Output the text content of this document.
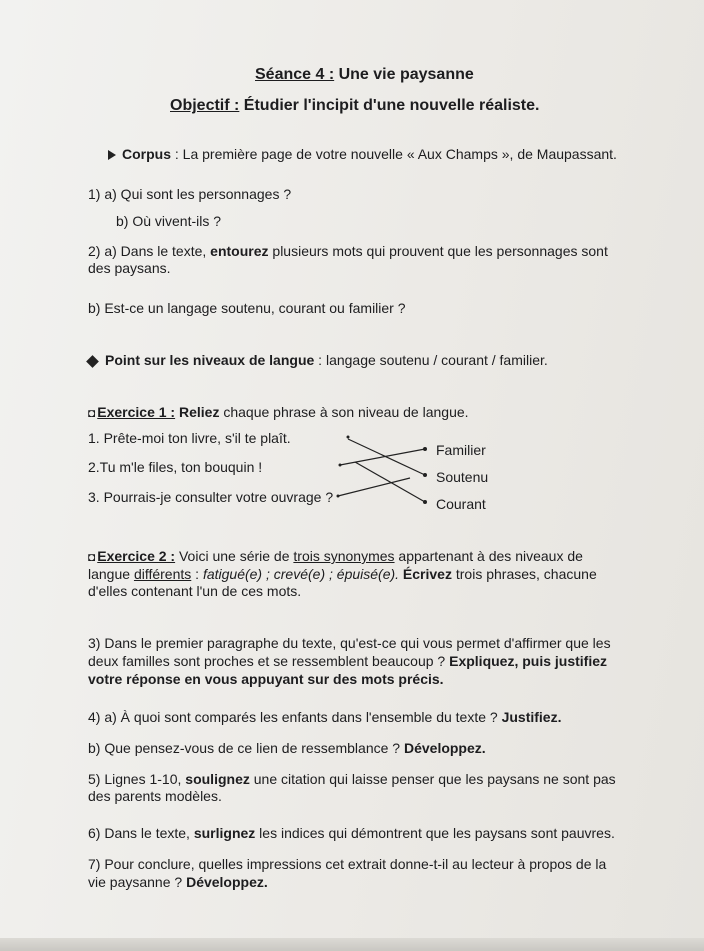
Séance 4 : Une vie paysanne
Objectif : Étudier l'incipit d'une nouvelle réaliste.
Corpus : La première page de votre nouvelle « Aux Champs », de Maupassant.
1) a) Qui sont les personnages ?
b) Où vivent-ils ?
2) a) Dans le texte, entourez plusieurs mots qui prouvent que les personnages sont
des paysans.
b) Est-ce un langage soutenu, courant ou familier ?
Point sur les niveaux de langue : langage soutenu / courant / familier.
◘ Exercice 1 : Reliez chaque phrase à son niveau de langue.
1. Prête-moi ton livre, s'il te plaît.
2.Tu m'le files, ton bouquin !
3. Pourrais-je consulter votre ouvrage ?
Familier
Soutenu
Courant
◘ Exercice 2 : Voici une série de trois synonymes appartenant à des niveaux de
langue différents : fatigué(e) ; crevé(e) ; épuisé(e). Écrivez trois phrases, chacune
d'elles contenant l'un de ces mots.
3) Dans le premier paragraphe du texte, qu'est-ce qui vous permet d'affirmer que les
deux familles sont proches et se ressemblent beaucoup ? Expliquez, puis justifiez
votre réponse en vous appuyant sur des mots précis.
4) a) À quoi sont comparés les enfants dans l'ensemble du texte ? Justifiez.
b) Que pensez-vous de ce lien de ressemblance ? Développez.
5) Lignes 1-10, soulignez une citation qui laisse penser que les paysans ne sont pas
des parents modèles.
6) Dans le texte, surlignez les indices qui démontrent que les paysans sont pauvres.
7) Pour conclure, quelles impressions cet extrait donne-t-il au lecteur à propos de la
vie paysanne ? Développez.
